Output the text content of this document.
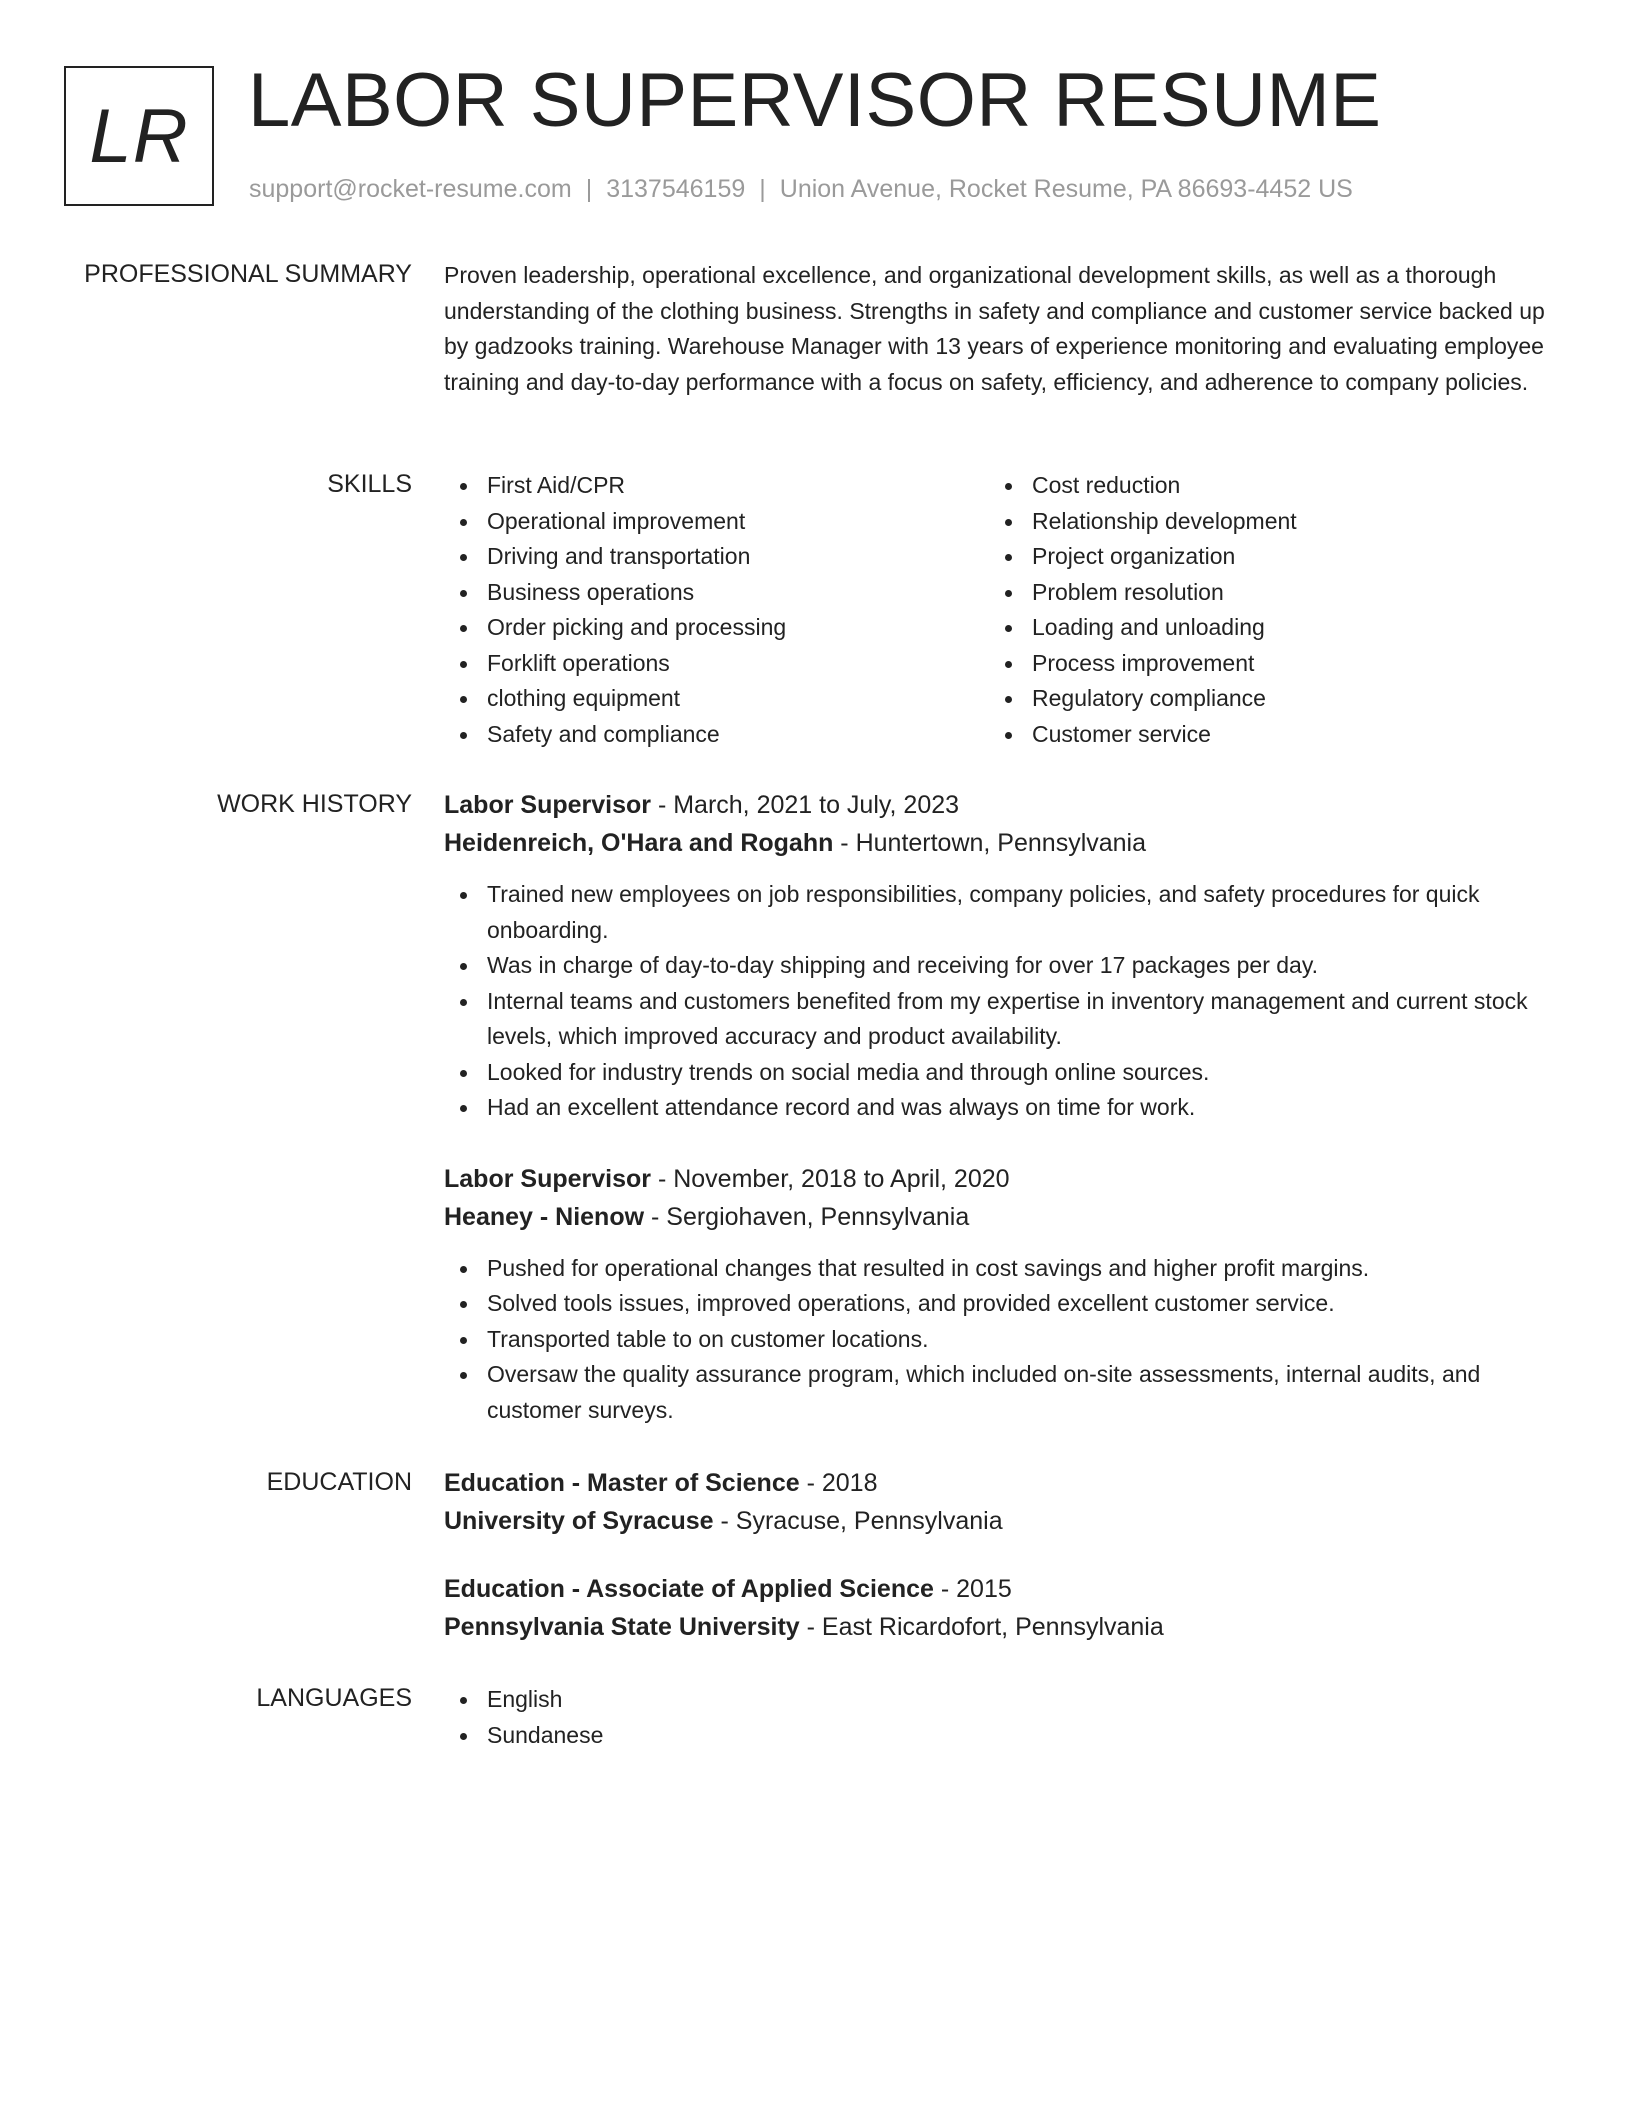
LR LABOR SUPERVISOR RESUME
support@rocket-resume.com | 3137546159 | Union Avenue, Rocket Resume, PA 86693-4452 US
PROFESSIONAL SUMMARY Proven leadership, operational excellence, and organizational development skills, as well as a thorough understanding of the clothing business. Strengths in safety and compliance and customer service backed up by gadzooks training. Warehouse Manager with 13 years of experience monitoring and evaluating employee training and day-to-day performance with a focus on safety, efficiency, and adherence to company policies.

SKILLS	First Aid/CPR
Operational improvement
Driving and transportation
Business operations
Order picking and processing
Forklift operations
clothing equipment
Safety and compliance
Cost reduction
Relationship development
Project organization
Problem resolution
Loading and unloading
Process improvement
Regulatory compliance
Customer service
WORK HISTORY Labor Supervisor - March, 2021 to July, 2023
Heidenreich, O'Hara and Rogahn - Huntertown, Pennsylvania
Trained new employees on job responsibilities, company policies, and safety procedures for quick onboarding.
Was in charge of day-to-day shipping and receiving for over 17 packages per day.
Internal teams and customers benefited from my expertise in inventory management and current stock levels, which improved accuracy and product availability.
Looked for industry trends on social media and through online sources.
Had an excellent attendance record and was always on time for work.
Labor Supervisor - November, 2018 to April, 2020
Heaney - Nienow - Sergiohaven, Pennsylvania
Pushed for operational changes that resulted in cost savings and higher profit margins.
Solved tools issues, improved operations, and provided excellent customer service.
Transported table to on customer locations.
Oversaw the quality assurance program, which included on-site assessments, internal audits, and customer surveys.
EDUCATION Education - Master of Science - 2018
University of Syracuse - Syracuse, Pennsylvania
Education - Associate of Applied Science - 2015
Pennsylvania State University - East Ricardofort, Pennsylvania
LANGUAGES	English
Sundanese
